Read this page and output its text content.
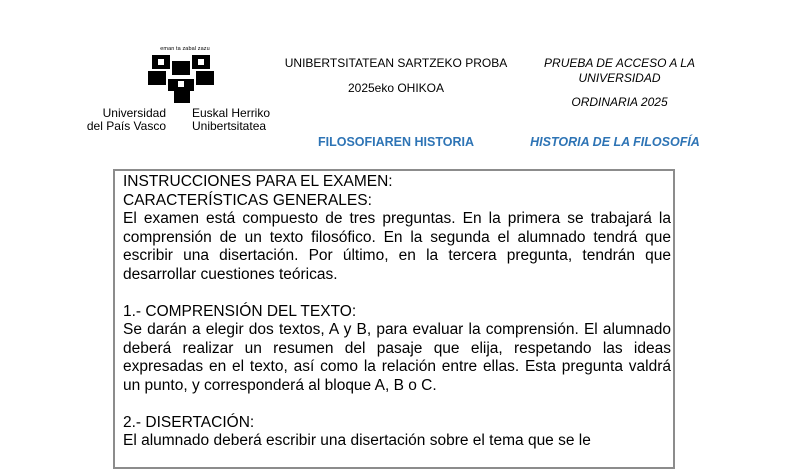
eman ta zabal zazu
Universidad
del País Vasco
Euskal Herriko
Unibertsitatea
UNIBERTSITATEAN SARTZEKO PROBA
2025eko OHIKOA
PRUEBA DE ACCESO A LA
UNIVERSIDAD
ORDINARIA 2025
FILOSOFIAREN HISTORIA	HISTORIA DE LA FILOSOFÍA

INSTRUCCIONES PARA EL EXAMEN:

CARACTERÍSTICAS GENERALES:

El examen está compuesto de tres preguntas. En la primera se trabajará la comprensión de un texto filosófico. En la segunda el alumnado tendrá que escribir una disertación. Por último, en la tercera pregunta, tendrán que desarrollar cuestiones teóricas.

1.- COMPRENSIÓN DEL TEXTO:

Se darán a elegir dos textos, A y B, para evaluar la comprensión. El alumnado deberá realizar un resumen del pasaje que elija, respetando las ideas expresadas en el texto, así como la relación entre ellas. Esta pregunta valdrá un punto, y corresponderá al bloque A, B o C.

2.- DISERTACIÓN:

El alumnado deberá escribir una disertación sobre el tema que se le
